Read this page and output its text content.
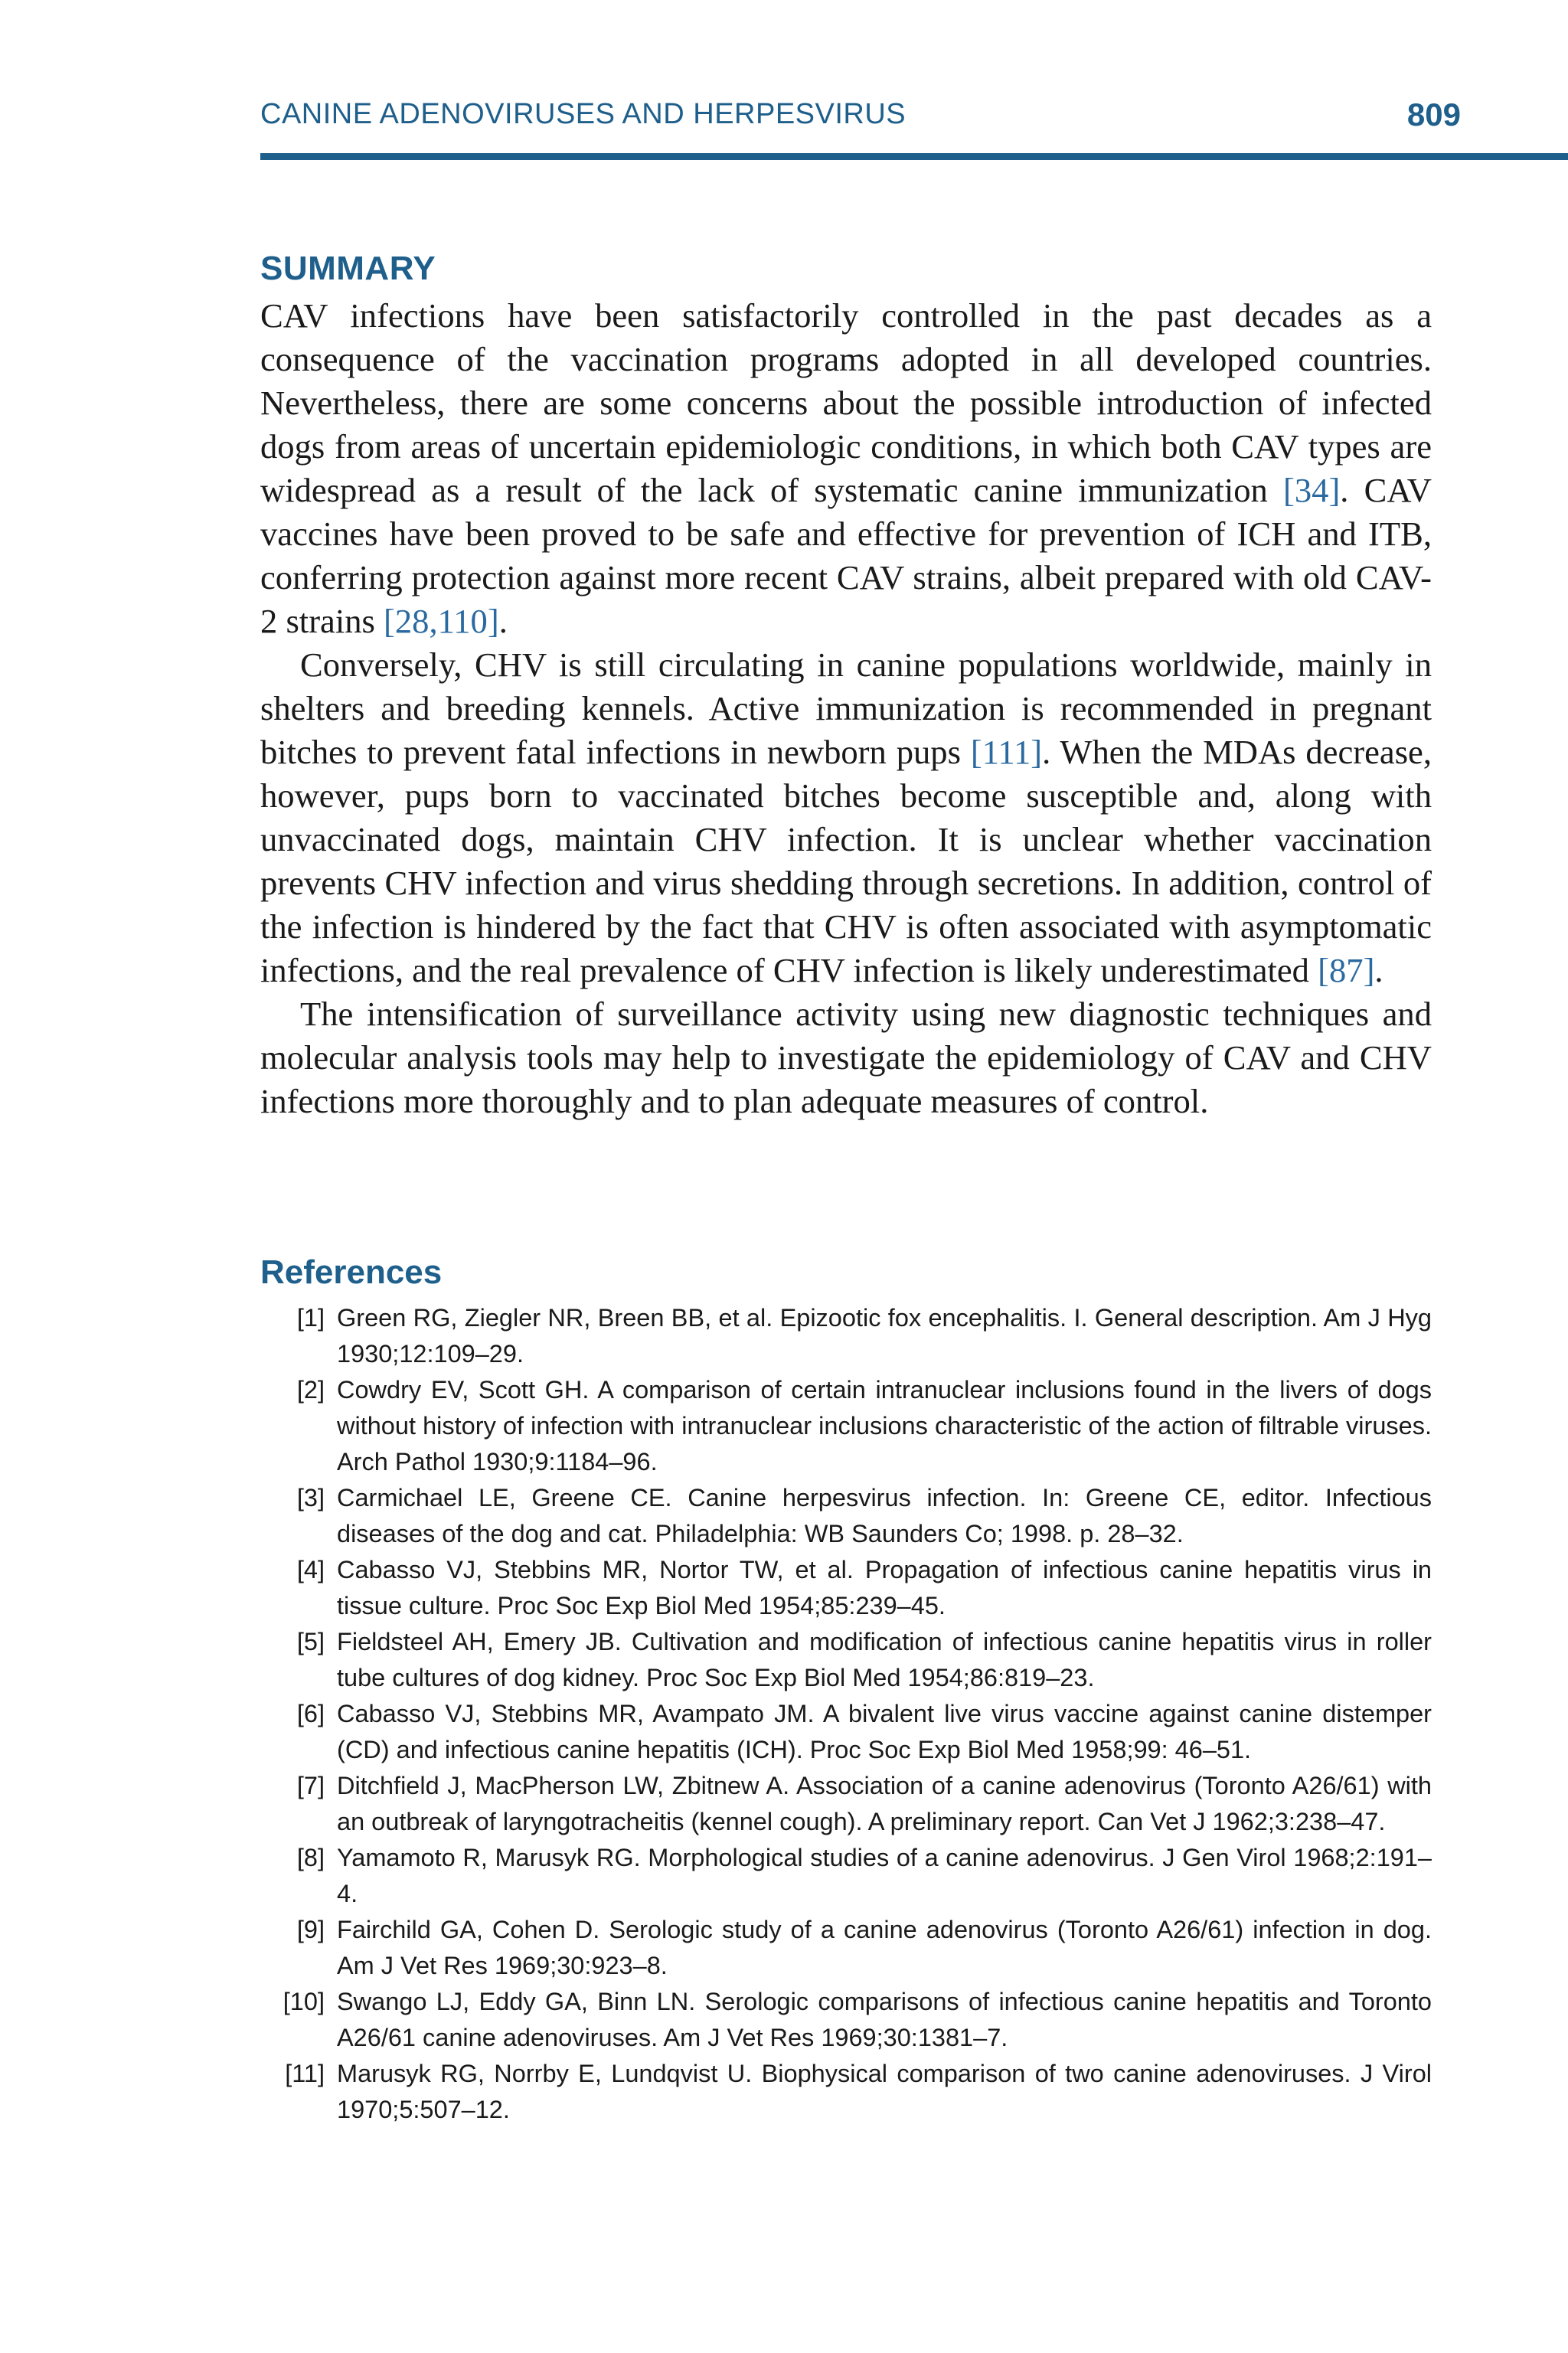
CANINE ADENOVIRUSES AND HERPESVIRUS	809
SUMMARY

CAV infections have been satisfactorily controlled in the past decades as a consequence of the vaccination programs adopted in all developed countries. Nevertheless, there are some concerns about the possible introduction of infected dogs from areas of uncertain epidemiologic conditions, in which both CAV types are widespread as a result of the lack of systematic canine immunization [34]. CAV vaccines have been proved to be safe and effective for prevention of ICH and ITB, conferring protection against more recent CAV strains, albeit prepared with old CAV-2 strains [28,110].

Conversely, CHV is still circulating in canine populations worldwide, mainly in shelters and breeding kennels. Active immunization is recommended in pregnant bitches to prevent fatal infections in newborn pups [111]. When the MDAs decrease, however, pups born to vaccinated bitches become susceptible and, along with unvaccinated dogs, maintain CHV infection. It is unclear whether vaccination prevents CHV infection and virus shedding through secretions. In addition, control of the infection is hindered by the fact that CHV is often associated with asymptomatic infections, and the real prevalence of CHV infection is likely underestimated [87].

The intensification of surveillance activity using new diagnostic techniques and molecular analysis tools may help to investigate the epidemiology of CAV and CHV infections more thoroughly and to plan adequate measures of control.

References
[1] Green RG, Ziegler NR, Breen BB, et al. Epizootic fox encephalitis. I. General description. Am J Hyg 1930;12:109–29.
[2] Cowdry EV, Scott GH. A comparison of certain intranuclear inclusions found in the livers of dogs without history of infection with intranuclear inclusions characteristic of the action of filtrable viruses. Arch Pathol 1930;9:1184–96.
[3] Carmichael LE, Greene CE. Canine herpesvirus infection. In: Greene CE, editor. Infectious diseases of the dog and cat. Philadelphia: WB Saunders Co; 1998. p. 28–32.
[4] Cabasso VJ, Stebbins MR, Nortor TW, et al. Propagation of infectious canine hepatitis virus in tissue culture. Proc Soc Exp Biol Med 1954;85:239–45.
[5] Fieldsteel AH, Emery JB. Cultivation and modification of infectious canine hepatitis virus in roller tube cultures of dog kidney. Proc Soc Exp Biol Med 1954;86:819–23.
[6] Cabasso VJ, Stebbins MR, Avampato JM. A bivalent live virus vaccine against canine distemper (CD) and infectious canine hepatitis (ICH). Proc Soc Exp Biol Med 1958;99: 46–51.
[7] Ditchfield J, MacPherson LW, Zbitnew A. Association of a canine adenovirus (Toronto A26/61) with an outbreak of laryngotracheitis (kennel cough). A preliminary report. Can Vet J 1962;3:238–47.
[8] Yamamoto R, Marusyk RG. Morphological studies of a canine adenovirus. J Gen Virol 1968;2:191–4.
[9] Fairchild GA, Cohen D. Serologic study of a canine adenovirus (Toronto A26/61) infection in dog. Am J Vet Res 1969;30:923–8.
[10] Swango LJ, Eddy GA, Binn LN. Serologic comparisons of infectious canine hepatitis and Toronto A26/61 canine adenoviruses. Am J Vet Res 1969;30:1381–7.
[11] Marusyk RG, Norrby E, Lundqvist U. Biophysical comparison of two canine adenoviruses. J Virol 1970;5:507–12.
